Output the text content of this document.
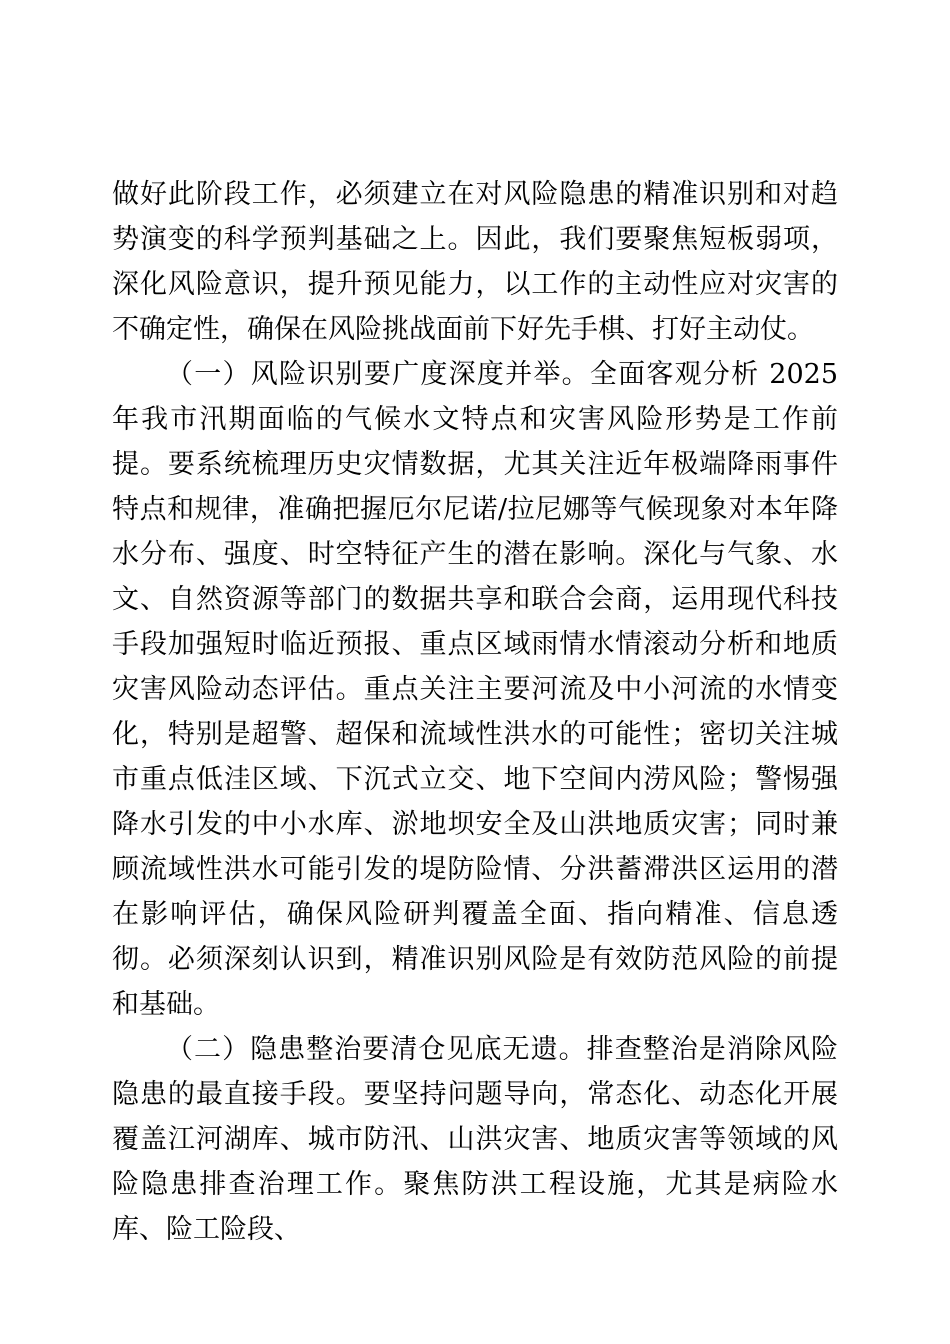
做好此阶段工作，必须建立在对风险隐患的精准识别和对趋势演变的科学预判基础之上。因此，我们要聚焦短板弱项，深化风险意识，提升预见能力，以工作的主动性应对灾害的不确定性，确保在风险挑战面前下好先手棋、打好主动仗。

（一）风险识别要广度深度并举。全面客观分析 2025 年我市汛期面临的气候水文特点和灾害风险形势是工作前提。要系统梳理历史灾情数据，尤其关注近年极端降雨事件特点和规律，准确把握厄尔尼诺/拉尼娜等气候现象对本年降水分布、强度、时空特征产生的潜在影响。深化与气象、水文、自然资源等部门的数据共享和联合会商，运用现代科技手段加强短时临近预报、重点区域雨情水情滚动分析和地质灾害风险动态评估。重点关注主要河流及中小河流的水情变化，特别是超警、超保和流域性洪水的可能性；密切关注城市重点低洼区域、下沉式立交、地下空间内涝风险；警惕强降水引发的中小水库、淤地坝安全及山洪地质灾害；同时兼顾流域性洪水可能引发的堤防险情、分洪蓄滞洪区运用的潜在影响评估，确保风险研判覆盖全面、指向精准、信息透彻。必须深刻认识到，精准识别风险是有效防范风险的前提和基础。

（二）隐患整治要清仓见底无遗。排查整治是消除风险隐患的最直接手段。要坚持问题导向，常态化、动态化开展覆盖江河湖库、城市防汛、山洪灾害、地质灾害等领域的风险隐患排查治理工作。聚焦防洪工程设施，尤其是病险水库、险工险段、
